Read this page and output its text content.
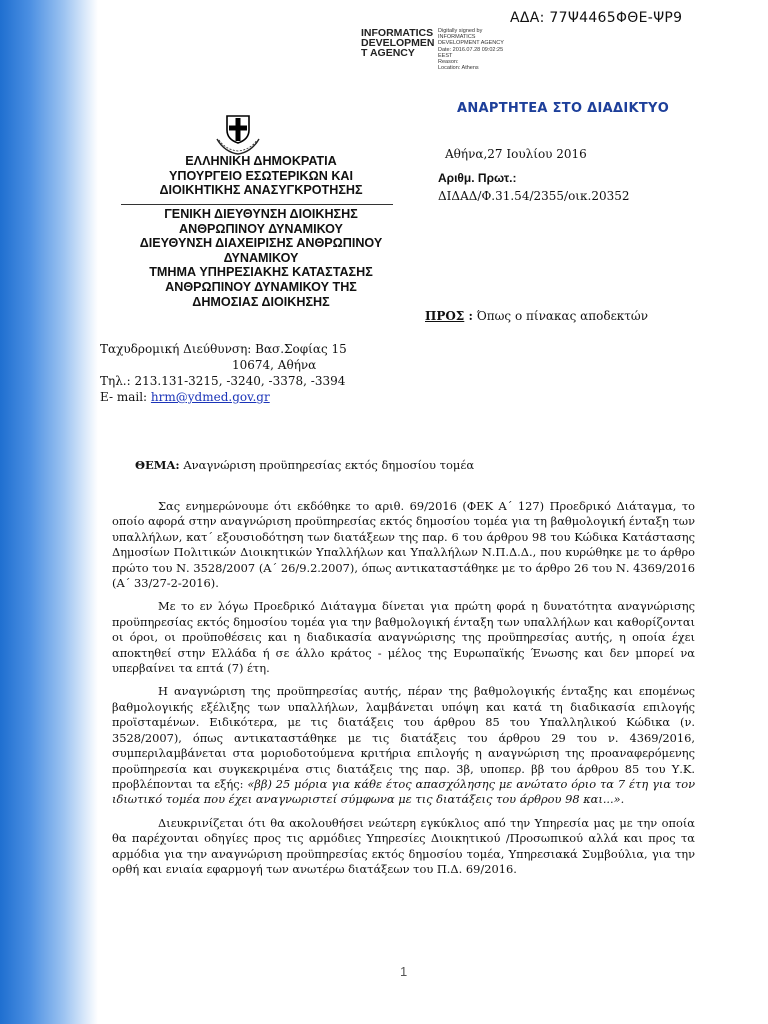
ΑΔΑ: 77Ψ4465ΦΘΕ-ΨΡ9
INFORMATICS
DEVELOPMEN
T AGENCY
Digitally signed by
INFORMATICS
DEVELOPMENT AGENCY
Date: 2016.07.28 09:02:25
EEST
Reason:
Location: Athens
ΑΝΑΡΤΗΤΕΑ ΣΤΟ ΔΙΑΔΙΚΤΥΟ
ΕΛΛΗΝΙΚΗ ΔΗΜΟΚΡΑΤΙΑ
ΥΠΟΥΡΓΕΙΟ ΕΣΩΤΕΡΙΚΩΝ ΚΑΙ
ΔΙΟΙΚΗΤΙΚΗΣ ΑΝΑΣΥΓΚΡΟΤΗΣΗΣ
ΓΕΝΙΚΗ ΔΙΕΥΘΥΝΣΗ ΔΙΟΙΚΗΣΗΣ
ΑΝΘΡΩΠΙΝΟΥ ΔΥΝΑΜΙΚΟΥ
ΔΙΕΥΘΥΝΣΗ ΔΙΑΧΕΙΡΙΣΗΣ ΑΝΘΡΩΠΙΝΟΥ
ΔΥΝΑΜΙΚΟΥ
ΤΜΗΜΑ ΥΠΗΡΕΣΙΑΚΗΣ ΚΑΤΑΣΤΑΣΗΣ
ΑΝΘΡΩΠΙΝΟΥ ΔΥΝΑΜΙΚΟΥ ΤΗΣ
ΔΗΜΟΣΙΑΣ ΔΙΟΙΚΗΣΗΣ
Αθήνα,27 Ιουλίου 2016
Αριθμ. Πρωτ.:
ΔΙΔΑΔ/Φ.31.54/2355/οικ.20352
ΠΡΟΣ : Όπως ο πίνακας αποδεκτών
Ταχυδρομική Διεύθυνση: Βασ.Σοφίας 15
10674, Αθήνα
Τηλ.: 213.131-3215, -3240, -3378, -3394
E- mail: hrm@ydmed.gov.gr
ΘΕΜΑ: Αναγνώριση προϋπηρεσίας εκτός δημοσίου τομέα

Σας ενημερώνουμε ότι εκδόθηκε το αριθ. 69/2016 (ΦΕΚ Α΄ 127) Προεδρικό Διάταγμα, το οποίο αφορά στην αναγνώριση προϋπηρεσίας εκτός δημοσίου τομέα για τη βαθμολογική ένταξη των υπαλλήλων, κατ΄ εξουσιοδότηση των διατάξεων της παρ. 6 του άρθρου 98 του Κώδικα Κατάστασης Δημοσίων Πολιτικών Διοικητικών Υπαλλήλων και Υπαλλήλων Ν.Π.Δ.Δ., που κυρώθηκε με το άρθρο πρώτο του Ν. 3528/2007 (Α΄ 26/9.2.2007), όπως αντικαταστάθηκε με το άρθρο 26 του Ν. 4369/2016 (Α΄ 33/27-2-2016).

Με το εν λόγω Προεδρικό Διάταγμα δίνεται για πρώτη φορά η δυνατότητα αναγνώρισης προϋπηρεσίας εκτός δημοσίου τομέα για την βαθμολογική ένταξη των υπαλλήλων και καθορίζονται οι όροι, οι προϋποθέσεις και η διαδικασία αναγνώρισης της προϋπηρεσίας αυτής, η οποία έχει αποκτηθεί στην Ελλάδα ή σε άλλο κράτος - μέλος της Ευρωπαϊκής Ένωσης και δεν μπορεί να υπερβαίνει τα επτά (7) έτη.

Η αναγνώριση της προϋπηρεσίας αυτής, πέραν της βαθμολογικής ένταξης και επομένως βαθμολογικής εξέλιξης των υπαλλήλων, λαμβάνεται υπόψη και κατά τη διαδικασία επιλογής προϊσταμένων. Ειδικότερα, με τις διατάξεις του άρθρου 85 του Υπαλληλικού Κώδικα (ν. 3528/2007), όπως αντικαταστάθηκε με τις διατάξεις του άρθρου 29 του ν. 4369/2016, συμπεριλαμβάνεται στα μοριοδοτούμενα κριτήρια επιλογής η αναγνώριση της προαναφερόμενης προϋπηρεσία και συγκεκριμένα στις διατάξεις της παρ. 3β, υποπερ. ββ του άρθρου 85 του Υ.Κ. προβλέπονται τα εξής: «ββ) 25 μόρια για κάθε έτος απασχόλησης με ανώτατο όριο τα 7 έτη για τον ιδιωτικό τομέα που έχει αναγνωριστεί σύμφωνα με τις διατάξεις του άρθρου 98 και...».

Διευκρινίζεται ότι θα ακολουθήσει νεώτερη εγκύκλιος από την Υπηρεσία μας με την οποία θα παρέχονται οδηγίες προς τις αρμόδιες Υπηρεσίες Διοικητικού /Προσωπικού αλλά και προς τα αρμόδια για την αναγνώριση προϋπηρεσίας εκτός δημοσίου τομέα, Υπηρεσιακά Συμβούλια, για την ορθή και ενιαία εφαρμογή των ανωτέρω διατάξεων του Π.Δ. 69/2016.

1
